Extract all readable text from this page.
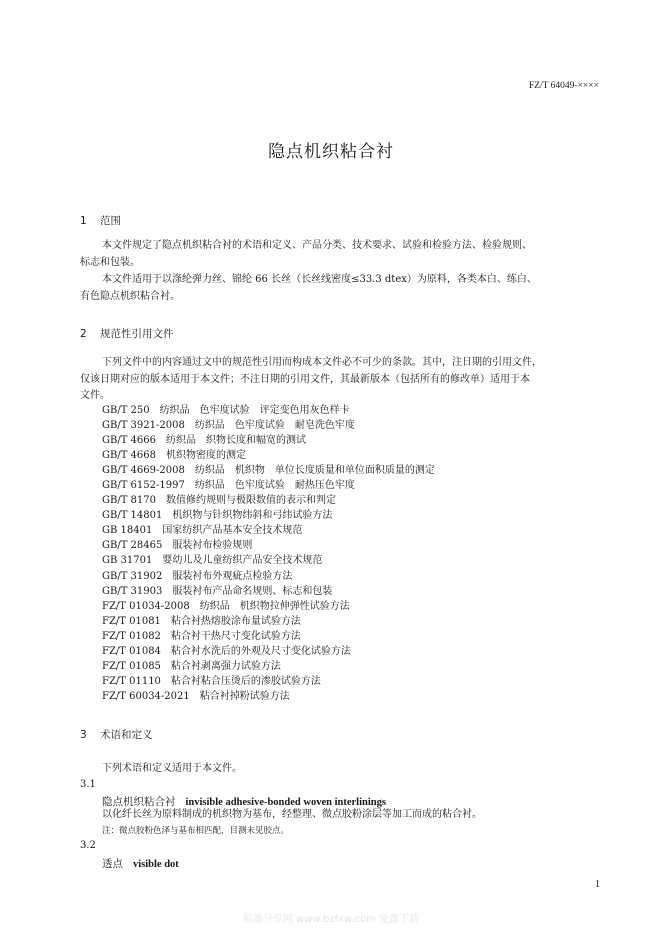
FZ/T 64049-××××
隐点机织粘合衬
1 范围
本文件规定了隐点机织粘合衬的术语和定义、产品分类、技术要求、试验和检验方法、检验规则、
标志和包装。
本文件适用于以涤纶弹力丝、锦纶 66 长丝（长丝线密度≤33.3 dtex）为原料，各类本白、练白、
有色隐点机织粘合衬。
2 规范性引用文件
下列文件中的内容通过文中的规范性引用而构成本文件必不可少的条款。其中，注日期的引用文件，
仅该日期对应的版本适用于本文件；不注日期的引用文件，其最新版本（包括所有的修改单）适用于本
文件。
GB/T 250　纺织品　色牢度试验　评定变色用灰色样卡
GB/T 3921-2008　纺织品　色牢度试验　耐皂洗色牢度
GB/T 4666　纺织品　织物长度和幅宽的测试
GB/T 4668　机织物密度的测定
GB/T 4669-2008　纺织品　机织物　单位长度质量和单位面积质量的测定
GB/T 6152-1997　纺织品　色牢度试验　耐热压色牢度
GB/T 8170　数值修约规则与极限数值的表示和判定
GB/T 14801　机织物与针织物纬斜和弓纬试验方法
GB 18401　国家纺织产品基本安全技术规范
GB/T 28465　服装衬布检验规则
GB 31701　婴幼儿及儿童纺织产品安全技术规范
GB/T 31902　服装衬布外观疵点检验方法
GB/T 31903　服装衬布产品命名规则、标志和包装
FZ/T 01034-2008　纺织品　机织物拉伸弹性试验方法
FZ/T 01081　粘合衬热熔胶涂布量试验方法
FZ/T 01082　粘合衬干热尺寸变化试验方法
FZ/T 01084　粘合衬水洗后的外观及尺寸变化试验方法
FZ/T 01085　粘合衬剥离强力试验方法
FZ/T 01110　粘合衬粘合压烫后的渗胶试验方法
FZ/T 60034-2021　粘合衬掉粉试验方法
3 术语和定义
下列术语和定义适用于本文件。
3.1
隐点机织粘合衬 invisible adhesive-bonded woven interlinings
以化纤长丝为原料制成的机织物为基布，经整理、微点胶粉涂层等加工而成的粘合衬。
注：微点胶粉色泽与基布相匹配，目测未见胶点。
3.2
透点 visible dot
1
标准分享网 www.bzfxw.com 免费下载
